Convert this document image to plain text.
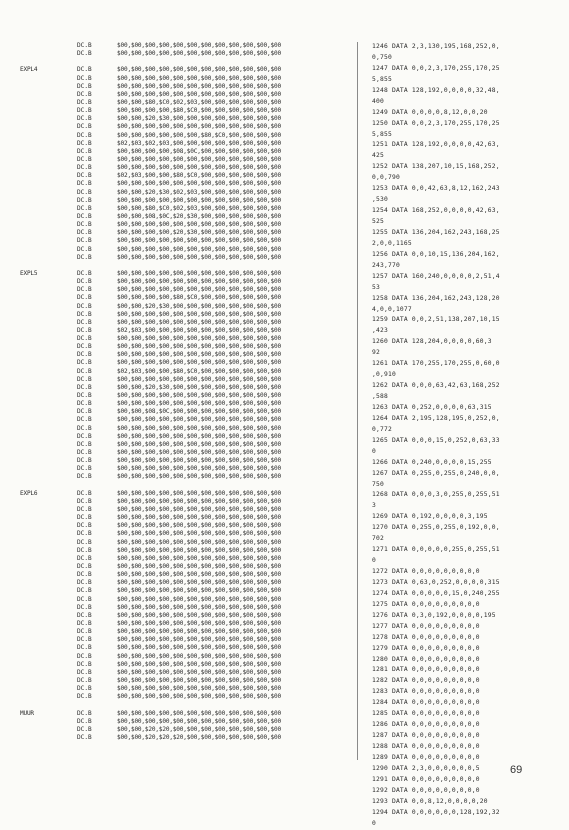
DC.B	$00,$00,$00,$00,$00,$00,$00,$00,$00,$00,$00,$00
DC.B	$00,$00,$00,$00,$00,$00,$00,$00,$00,$00,$00,$00
EXPL4	DC.B	$00,$00,$00,$00,$00,$00,$00,$00,$00,$00,$00,$00
DC.B	$00,$00,$00,$00,$00,$00,$00,$00,$00,$00,$00,$00
DC.B	$00,$00,$00,$00,$00,$00,$00,$00,$00,$00,$00,$00
DC.B	$00,$00,$00,$00,$00,$00,$00,$00,$00,$00,$00,$00
DC.B	$00,$00,$80,$C0,$02,$03,$00,$00,$00,$00,$00,$00
DC.B	$00,$00,$00,$00,$80,$C0,$00,$00,$00,$00,$00,$00
DC.B	$00,$00,$20,$30,$00,$00,$00,$00,$00,$00,$00,$00
DC.B	$00,$00,$00,$00,$00,$00,$00,$00,$00,$00,$00,$00
DC.B	$00,$00,$00,$00,$00,$00,$80,$C0,$00,$00,$00,$00
DC.B	$02,$03,$02,$03,$00,$00,$00,$00,$00,$00,$00,$00
DC.B	$00,$00,$00,$00,$08,$0C,$00,$00,$00,$00,$00,$00
DC.B	$00,$00,$00,$00,$00,$00,$00,$00,$00,$00,$00,$00
DC.B	$00,$00,$00,$00,$00,$00,$00,$00,$00,$00,$00,$00
DC.B	$02,$03,$00,$00,$80,$C0,$00,$00,$00,$00,$00,$00
DC.B	$00,$00,$00,$00,$00,$00,$00,$00,$00,$00,$00,$00
DC.B	$00,$00,$20,$30,$02,$03,$00,$00,$00,$00,$00,$00
DC.B	$00,$00,$00,$00,$00,$00,$00,$00,$00,$00,$00,$00
DC.B	$00,$00,$80,$C0,$02,$03,$00,$00,$00,$00,$00,$00
DC.B	$00,$00,$08,$0C,$20,$30,$00,$00,$00,$00,$00,$00
DC.B	$00,$00,$00,$00,$00,$00,$00,$00,$00,$00,$00,$00
DC.B	$00,$00,$00,$00,$20,$30,$00,$00,$00,$00,$00,$00
DC.B	$00,$00,$00,$00,$00,$00,$00,$00,$00,$00,$00,$00
DC.B	$00,$00,$00,$00,$00,$00,$00,$00,$00,$00,$00,$00
DC.B	$00,$00,$00,$00,$00,$00,$00,$00,$00,$00,$00,$00
EXPL5	DC.B	$00,$00,$00,$00,$00,$00,$00,$00,$00,$00,$00,$00
DC.B	$00,$00,$00,$00,$00,$00,$00,$00,$00,$00,$00,$00
DC.B	$00,$00,$00,$00,$00,$00,$00,$00,$00,$00,$00,$00
DC.B	$00,$00,$00,$00,$80,$C0,$00,$00,$00,$00,$00,$00
DC.B	$00,$00,$20,$30,$00,$00,$00,$00,$00,$00,$00,$00
DC.B	$00,$00,$00,$00,$00,$00,$00,$00,$00,$00,$00,$00
DC.B	$00,$00,$00,$00,$00,$00,$00,$00,$00,$00,$00,$00
DC.B	$02,$03,$00,$00,$00,$00,$00,$00,$00,$00,$00,$00
DC.B	$00,$00,$00,$00,$00,$00,$00,$00,$00,$00,$00,$00
DC.B	$00,$00,$00,$00,$00,$00,$00,$00,$00,$00,$00,$00
DC.B	$00,$00,$00,$00,$00,$00,$00,$00,$00,$00,$00,$00
DC.B	$00,$00,$00,$00,$00,$00,$00,$00,$00,$00,$00,$00
DC.B	$02,$03,$00,$00,$80,$C0,$00,$00,$00,$00,$00,$00
DC.B	$00,$00,$00,$00,$00,$00,$00,$00,$00,$00,$00,$00
DC.B	$00,$00,$20,$30,$00,$00,$00,$00,$00,$00,$00,$00
DC.B	$00,$00,$00,$00,$00,$00,$00,$00,$00,$00,$00,$00
DC.B	$00,$00,$00,$00,$00,$00,$00,$00,$00,$00,$00,$00
DC.B	$00,$00,$08,$0C,$00,$00,$00,$00,$00,$00,$00,$00
DC.B	$00,$00,$00,$00,$00,$00,$00,$00,$00,$00,$00,$00
DC.B	$00,$00,$00,$00,$00,$00,$00,$00,$00,$00,$00,$00
DC.B	$00,$00,$00,$00,$00,$00,$00,$00,$00,$00,$00,$00
DC.B	$00,$00,$00,$00,$00,$00,$00,$00,$00,$00,$00,$00
DC.B	$00,$00,$00,$00,$00,$00,$00,$00,$00,$00,$00,$00
DC.B	$00,$00,$00,$00,$00,$00,$00,$00,$00,$00,$00,$00
DC.B	$00,$00,$00,$00,$00,$00,$00,$00,$00,$00,$00,$00
DC.B	$00,$00,$00,$00,$00,$00,$00,$00,$00,$00,$00,$00
EXPL6	DC.B	$00,$00,$00,$00,$00,$00,$00,$00,$00,$00,$00,$00
DC.B	$00,$00,$00,$00,$00,$00,$00,$00,$00,$00,$00,$00
DC.B	$00,$00,$00,$00,$00,$00,$00,$00,$00,$00,$00,$00
DC.B	$00,$00,$00,$00,$00,$00,$00,$00,$00,$00,$00,$00
DC.B	$00,$00,$00,$00,$00,$00,$00,$00,$00,$00,$00,$00
DC.B	$00,$00,$00,$00,$00,$00,$00,$00,$00,$00,$00,$00
DC.B	$00,$00,$00,$00,$00,$00,$00,$00,$00,$00,$00,$00
DC.B	$00,$00,$00,$00,$00,$00,$00,$00,$00,$00,$00,$00
DC.B	$00,$00,$00,$00,$00,$00,$00,$00,$00,$00,$00,$00
DC.B	$00,$00,$00,$00,$00,$00,$00,$00,$00,$00,$00,$00
DC.B	$00,$00,$00,$00,$00,$00,$00,$00,$00,$00,$00,$00
DC.B	$00,$00,$00,$00,$00,$00,$00,$00,$00,$00,$00,$00
DC.B	$00,$00,$00,$00,$00,$00,$00,$00,$00,$00,$00,$00
DC.B	$00,$00,$00,$00,$00,$00,$00,$00,$00,$00,$00,$00
DC.B	$00,$00,$00,$00,$00,$00,$00,$00,$00,$00,$00,$00
DC.B	$00,$00,$00,$00,$00,$00,$00,$00,$00,$00,$00,$00
DC.B	$00,$00,$00,$00,$00,$00,$00,$00,$00,$00,$00,$00
DC.B	$00,$00,$00,$00,$00,$00,$00,$00,$00,$00,$00,$00
DC.B	$00,$00,$00,$00,$00,$00,$00,$00,$00,$00,$00,$00
DC.B	$00,$00,$00,$00,$00,$00,$00,$00,$00,$00,$00,$00
DC.B	$00,$00,$00,$00,$00,$00,$00,$00,$00,$00,$00,$00
DC.B	$00,$00,$00,$00,$00,$00,$00,$00,$00,$00,$00,$00
DC.B	$00,$00,$00,$00,$00,$00,$00,$00,$00,$00,$00,$00
DC.B	$00,$00,$00,$00,$00,$00,$00,$00,$00,$00,$00,$00
DC.B	$00,$00,$00,$00,$00,$00,$00,$00,$00,$00,$00,$00
DC.B	$00,$00,$00,$00,$00,$00,$00,$00,$00,$00,$00,$00
MUUR	DC.B	$00,$00,$00,$00,$00,$00,$00,$00,$00,$00,$00,$00
DC.B	$00,$00,$00,$00,$00,$00,$00,$00,$00,$00,$00,$00
DC.B	$00,$00,$20,$20,$00,$00,$00,$00,$00,$00,$00,$00
DC.B	$00,$00,$20,$20,$20,$00,$00,$00,$00,$00,$00,$00
1246 DATA 2,3,130,195,168,252,0,
0,750
1247 DATA 0,0,2,3,170,255,170,25
5,855
1248 DATA 128,192,0,0,0,0,32,48,
400
1249 DATA 0,0,0,0,8,12,0,0,20
1250 DATA 0,0,2,3,170,255,170,25
5,855
1251 DATA 128,192,0,0,0,0,42,63,
425
1252 DATA 138,207,10,15,168,252,
0,0,790
1253 DATA 0,0,42,63,8,12,162,243
,530
1254 DATA 168,252,0,0,0,0,42,63,
525
1255 DATA 136,204,162,243,168,25
2,0,0,1165
1256 DATA 0,0,10,15,136,204,162,
243,770
1257 DATA 160,240,0,0,0,0,2,51,4
53
1258 DATA 136,204,162,243,128,20
4,0,0,1077
1259 DATA 0,0,2,51,138,207,10,15
,423
1260 DATA 128,204,0,0,0,0,60,3
92
1261 DATA 170,255,170,255,0,60,0
,0,910
1262 DATA 0,0,0,63,42,63,168,252
,588
1263 DATA 0,252,0,0,0,0,63,315
1264 DATA 2,195,128,195,0,252,0,
0,772
1265 DATA 0,0,0,15,0,252,0,63,33
0
1266 DATA 0,240,0,0,0,0,15,255
1267 DATA 0,255,0,255,0,240,0,0,
750
1268 DATA 0,0,0,3,0,255,0,255,51
3
1269 DATA 0,192,0,0,0,0,3,195
1270 DATA 0,255,0,255,0,192,0,0,
702
1271 DATA 0,0,0,0,0,255,0,255,51
0
1272 DATA 0,0,0,0,0,0,0,0,0
1273 DATA 0,63,0,252,0,0,0,0,315
1274 DATA 0,0,0,0,0,15,0,240,255
1275 DATA 0,0,0,0,0,0,0,0,0
1276 DATA 0,3,0,192,0,0,0,0,195
1277 DATA 0,0,0,0,0,0,0,0,0
1278 DATA 0,0,0,0,0,0,0,0,0
1279 DATA 0,0,0,0,0,0,0,0,0
1280 DATA 0,0,0,0,0,0,0,0,0
1281 DATA 0,0,0,0,0,0,0,0,0
1282 DATA 0,0,0,0,0,0,0,0,0
1283 DATA 0,0,0,0,0,0,0,0,0
1284 DATA 0,0,0,0,0,0,0,0,0
1285 DATA 0,0,0,0,0,0,0,0,0
1286 DATA 0,0,0,0,0,0,0,0,0
1287 DATA 0,0,0,0,0,0,0,0,0
1288 DATA 0,0,0,0,0,0,0,0,0
1289 DATA 0,0,0,0,0,0,0,0,0
1290 DATA 2,3,0,0,0,0,0,0,5
1291 DATA 0,0,0,0,0,0,0,0,0
1292 DATA 0,0,0,0,0,0,0,0,0
1293 DATA 0,0,8,12,0,0,0,0,20
1294 DATA 0,0,0,0,0,0,128,192,32
0
69
